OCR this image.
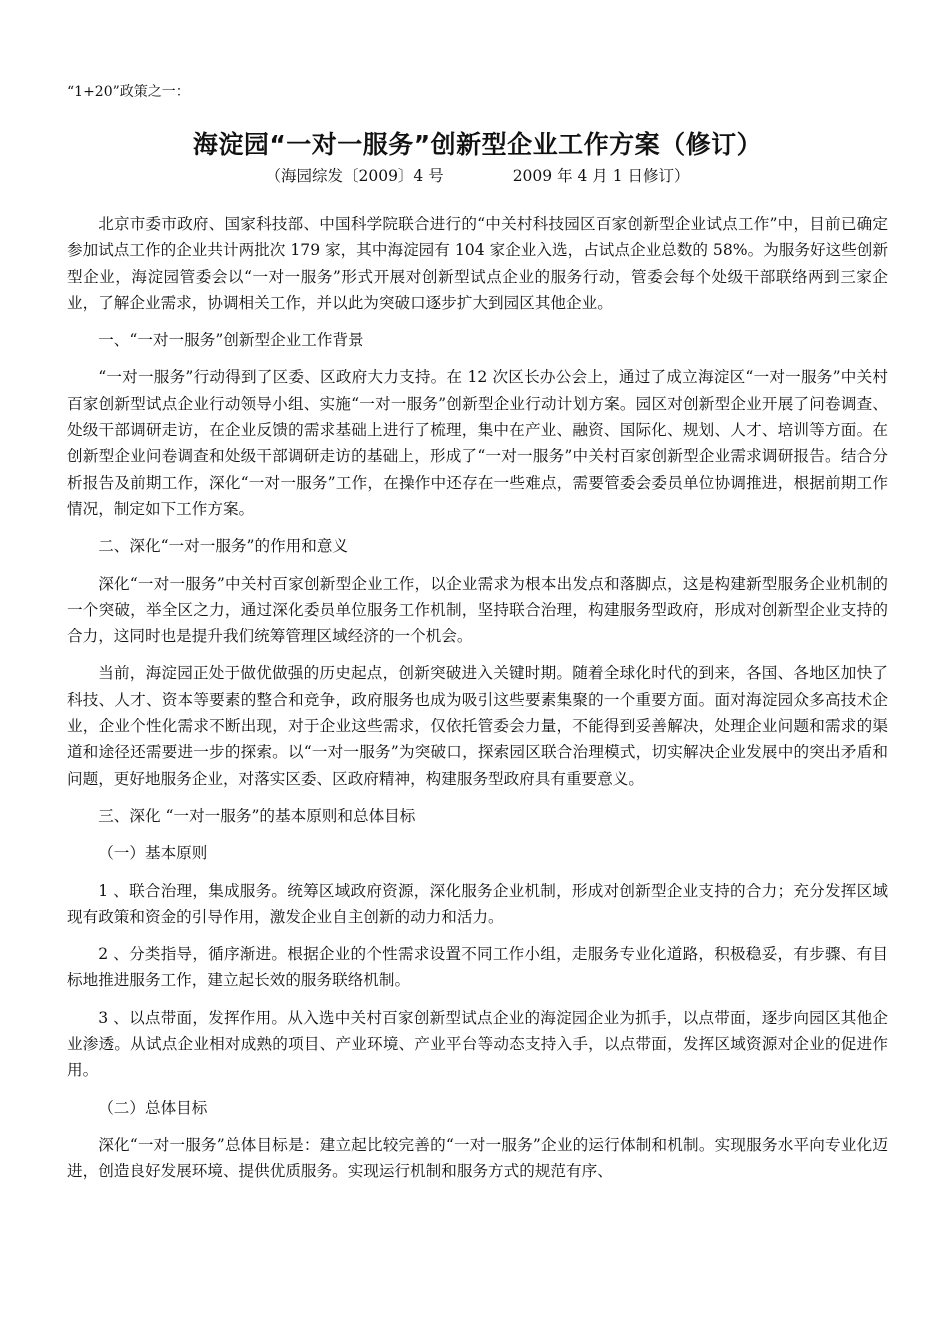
“1+20”政策之一：

海淀园“一对一服务”创新型企业工作方案（修订）

（海园综发〔2009〕4 号              2009 年 4 月 1 日修订）

北京市委市政府、国家科技部、中国科学院联合进行的“中关村科技园区百家创新型企业试点工作”中，目前已确定参加试点工作的企业共计两批次 179 家，其中海淀园有 104 家企业入选，占试点企业总数的 58%。为服务好这些创新型企业，海淀园管委会以“一对一服务”形式开展对创新型试点企业的服务行动，管委会每个处级干部联络两到三家企业，了解企业需求，协调相关工作，并以此为突破口逐步扩大到园区其他企业。

一、“一对一服务”创新型企业工作背景

“一对一服务”行动得到了区委、区政府大力支持。在 12 次区长办公会上，通过了成立海淀区“一对一服务”中关村百家创新型试点企业行动领导小组、实施“一对一服务”创新型企业行动计划方案。园区对创新型企业开展了问卷调查、处级干部调研走访，在企业反馈的需求基础上进行了梳理，集中在产业、融资、国际化、规划、人才、培训等方面。在创新型企业问卷调查和处级干部调研走访的基础上，形成了“一对一服务”中关村百家创新型企业需求调研报告。结合分析报告及前期工作，深化“一对一服务”工作，在操作中还存在一些难点，需要管委会委员单位协调推进，根据前期工作情况，制定如下工作方案。

二、深化“一对一服务”的作用和意义

深化“一对一服务”中关村百家创新型企业工作，以企业需求为根本出发点和落脚点，这是构建新型服务企业机制的一个突破，举全区之力，通过深化委员单位服务工作机制，坚持联合治理，构建服务型政府，形成对创新型企业支持的合力，这同时也是提升我们统筹管理区域经济的一个机会。

当前，海淀园正处于做优做强的历史起点，创新突破进入关键时期。随着全球化时代的到来，各国、各地区加快了科技、人才、资本等要素的整合和竞争，政府服务也成为吸引这些要素集聚的一个重要方面。面对海淀园众多高技术企业，企业个性化需求不断出现，对于企业这些需求，仅依托管委会力量，不能得到妥善解决，处理企业问题和需求的渠道和途径还需要进一步的探索。以“一对一服务”为突破口，探索园区联合治理模式，切实解决企业发展中的突出矛盾和问题，更好地服务企业，对落实区委、区政府精神，构建服务型政府具有重要意义。

三、深化 “一对一服务”的基本原则和总体目标

（一）基本原则

1 、联合治理，集成服务。统筹区域政府资源，深化服务企业机制，形成对创新型企业支持的合力；充分发挥区域现有政策和资金的引导作用，激发企业自主创新的动力和活力。

2 、分类指导，循序渐进。根据企业的个性需求设置不同工作小组，走服务专业化道路，积极稳妥，有步骤、有目标地推进服务工作，建立起长效的服务联络机制。

3 、以点带面，发挥作用。从入选中关村百家创新型试点企业的海淀园企业为抓手，以点带面，逐步向园区其他企业渗透。从试点企业相对成熟的项目、产业环境、产业平台等动态支持入手，以点带面，发挥区域资源对企业的促进作用。

（二）总体目标

深化“一对一服务”总体目标是：建立起比较完善的“一对一服务”企业的运行体制和机制。实现服务水平向专业化迈进，创造良好发展环境、提供优质服务。实现运行机制和服务方式的规范有序、
